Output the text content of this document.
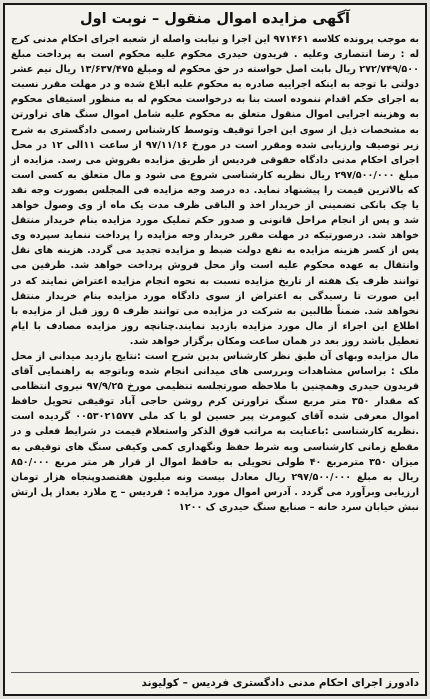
آگهی مزایده اموال منقول – نوبت اول

به موجب پرونده کلاسه ۹۷۱۴۶۱ این اجرا و نیابت واصله از شعبه اجرای احکام مدنی کرج له : رضا انتصاری وعلیه . فریدون حیدری محکوم علیه محکوم است به پرداخت مبلغ ۲۷۲/۷۴۹/۵۰۰ ریال بابت اصل خواسته در حق محکوم له ومبلغ ۱۳/۶۳۷/۴۷۵ ریال نیم عشر دولتی با توجه به اینکه اجراییه صادره به محکوم علیه ابلاغ شده و در مهلت مقرر نسبت به اجرای حکم اقدام ننموده است بنا به درخواست محکوم له به منظور استیفای محکوم به وهزینه اجرایی اموال منقول متعلق به محکوم علیه شامل اموال سنگ های تراورتن به مشخصات ذیل از سوی این اجرا توقیف وتوسط کارشناس رسمی دادگستری به شرح زیر توصیف وارزیابی شده ومقرر است در مورخ ۹۷/۱۱/۱۶ از ساعت ۱۱الی ۱۲ در محل اجرای احکام مدنی دادگاه حقوقی فردیس از طریق مزایده بفروش می رسد. مزایده از مبلغ ۲۹۷/۵۰۰/۰۰۰ ریال نظریه کارشناسی شروع می شود و مال متعلق به کسی است که بالاترین قیمت را پیشنهاد نماید. ده درصد وجه مزایده فی المجلس بصورت وجه نقد یا چک بانکی تضمینی از خریدار اخذ و الباقی ظرف مدت یک ماه از وی وصول خواهد شد و پس از انجام مراحل قانونی و صدور حکم تملیک مورد مزایده بنام خریدار منتقل خواهد شد. درصورتیکه در مهلت مقرر خریدار وجه مزایده را پرداخت ننماید سپرده وی پس از کسر هزینه مزایده به نفع دولت ضبط و مزایده تجدید می گردد. هزینه های نقل وانتقال به عهده محکوم علیه است واز محل فروش پرداخت خواهد شد. طرفین می توانند ظرف یک هفته از تاریخ مزایده نسبت به نحوه انجام مزایده اعتراض نمایند که در این صورت تا رسیدگی به اعتراض از سوی دادگاه مورد مزایده بنام خریدار منتقل نخواهد شد. ضمناً طالبین به شرکت در مزایده می توانند ظرف ۵ روز قبل از مزایده با اطلاع این اجراء از مال مورد مزایده بازدید نمایند.چنانچه روز مزایده مصادف با ایام تعطیل باشد روز بعد در همان ساعت ومکان برگزار خواهد شد.

مال مزایده وبهای آن طبق نظر کارشناس بدین شرح است :نتایج بازدید میدانی از محل ملک : براساس مشاهدات وبررسی های میدانی انجام شده وباتوجه به راهنمایی آقای فریدون حیدری وهمچنین با ملاحظه صورتجلسه تنظیمی مورخ ۹۷/۹/۲۵ نیروی انتظامی که مقدار ۳۵۰ متر مربع سنگ تراورتن کرم روشن حاجی آباد توقیفی تحویل حافظ اموال معرفی شده آقای کیومرث پیر حسین لو با کد ملی ۰۰۵۳۰۲۱۵۷۷ گردیده است .نظریه کارشناسی :باعنایت به مراتب فوق الذکر واستعلام قیمت در شرایط فعلی و در مقطع زمانی کارشناسی وبه شرط حفظ ونگهداری کمی وکیفی سنگ های توقیفی به میزان ۳۵۰ مترمربع ۴۰ طولی تحویلی به حافظ اموال از قرار هر متر مربع ۸۵۰/۰۰۰ ریال به مبلغ ۲۹۷/۵۰۰/۰۰۰ ریال معادل بیست ونه میلیون هفتصدوپنجاه هزار تومان ارزیابی وبرآورد می گردد . آدرس اموال مورد مزایده : فردیس – ج ملارد بعداز پل ارتش نبش خیابان سرد خانه – صنایع سنگ حیدری ک ۱۲۰۰

دادورز اجرای احکام مدنی دادگستری فردیس – کولیوند
